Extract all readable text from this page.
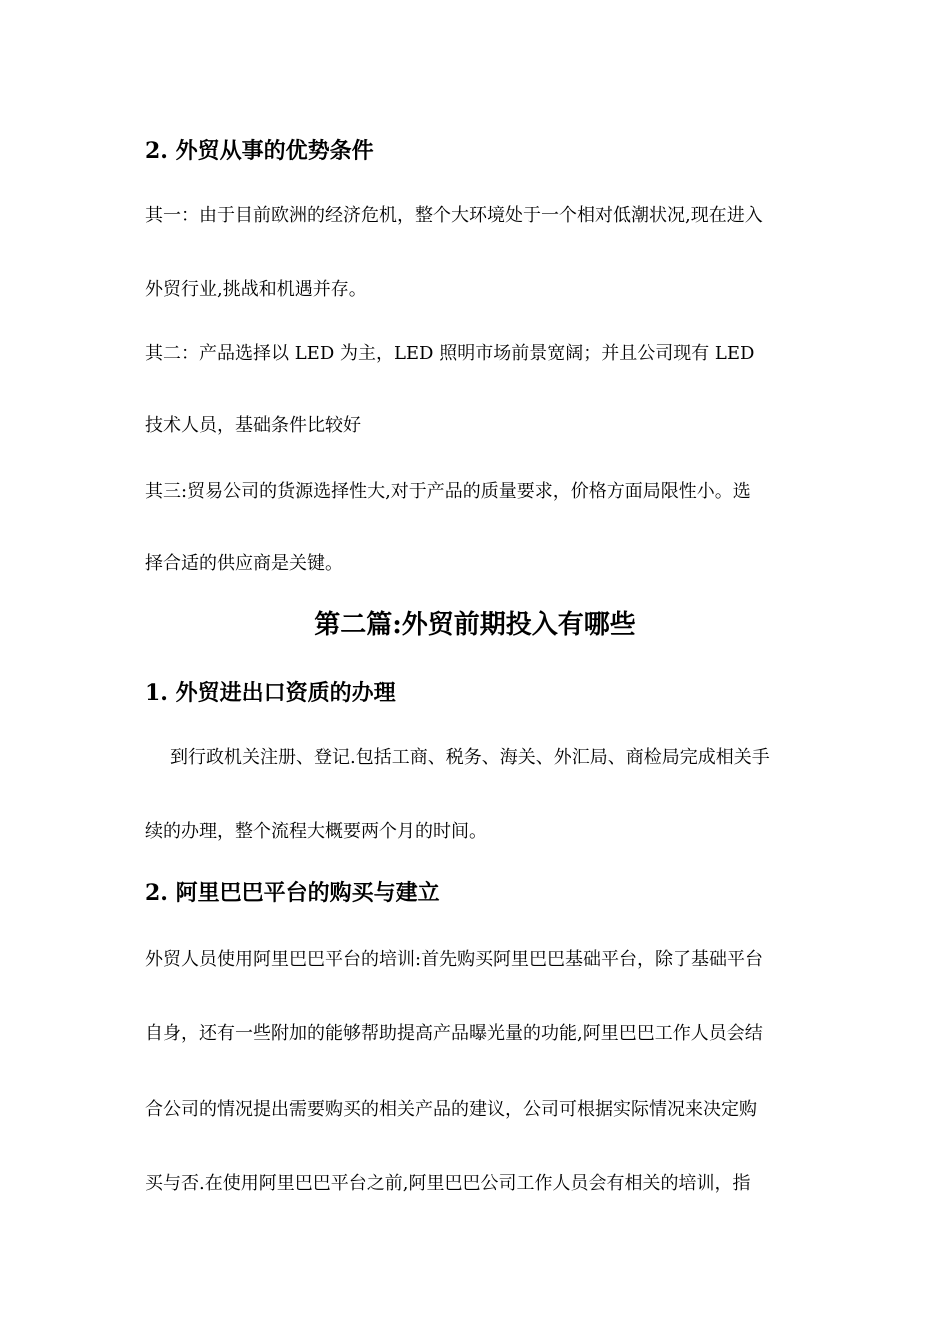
2. 外贸从事的优势条件

其一：由于目前欧洲的经济危机，整个大环境处于一个相对低潮状况,现在进入

外贸行业,挑战和机遇并存。

其二：产品选择以 LED 为主，LED 照明市场前景宽阔；并且公司现有 LED

技术人员，基础条件比较好

其三:贸易公司的货源选择性大,对于产品的质量要求，价格方面局限性小。选

择合适的供应商是关键。

第二篇:外贸前期投入有哪些
1. 外贸进出口资质的办理

到行政机关注册、登记.包括工商、税务、海关、外汇局、商检局完成相关手

续的办理，整个流程大概要两个月的时间。

2. 阿里巴巴平台的购买与建立

外贸人员使用阿里巴巴平台的培训:首先购买阿里巴巴基础平台，除了基础平台

自身，还有一些附加的能够帮助提高产品曝光量的功能,阿里巴巴工作人员会结

合公司的情况提出需要购买的相关产品的建议，公司可根据实际情况来决定购

买与否.在使用阿里巴巴平台之前,阿里巴巴公司工作人员会有相关的培训，指
